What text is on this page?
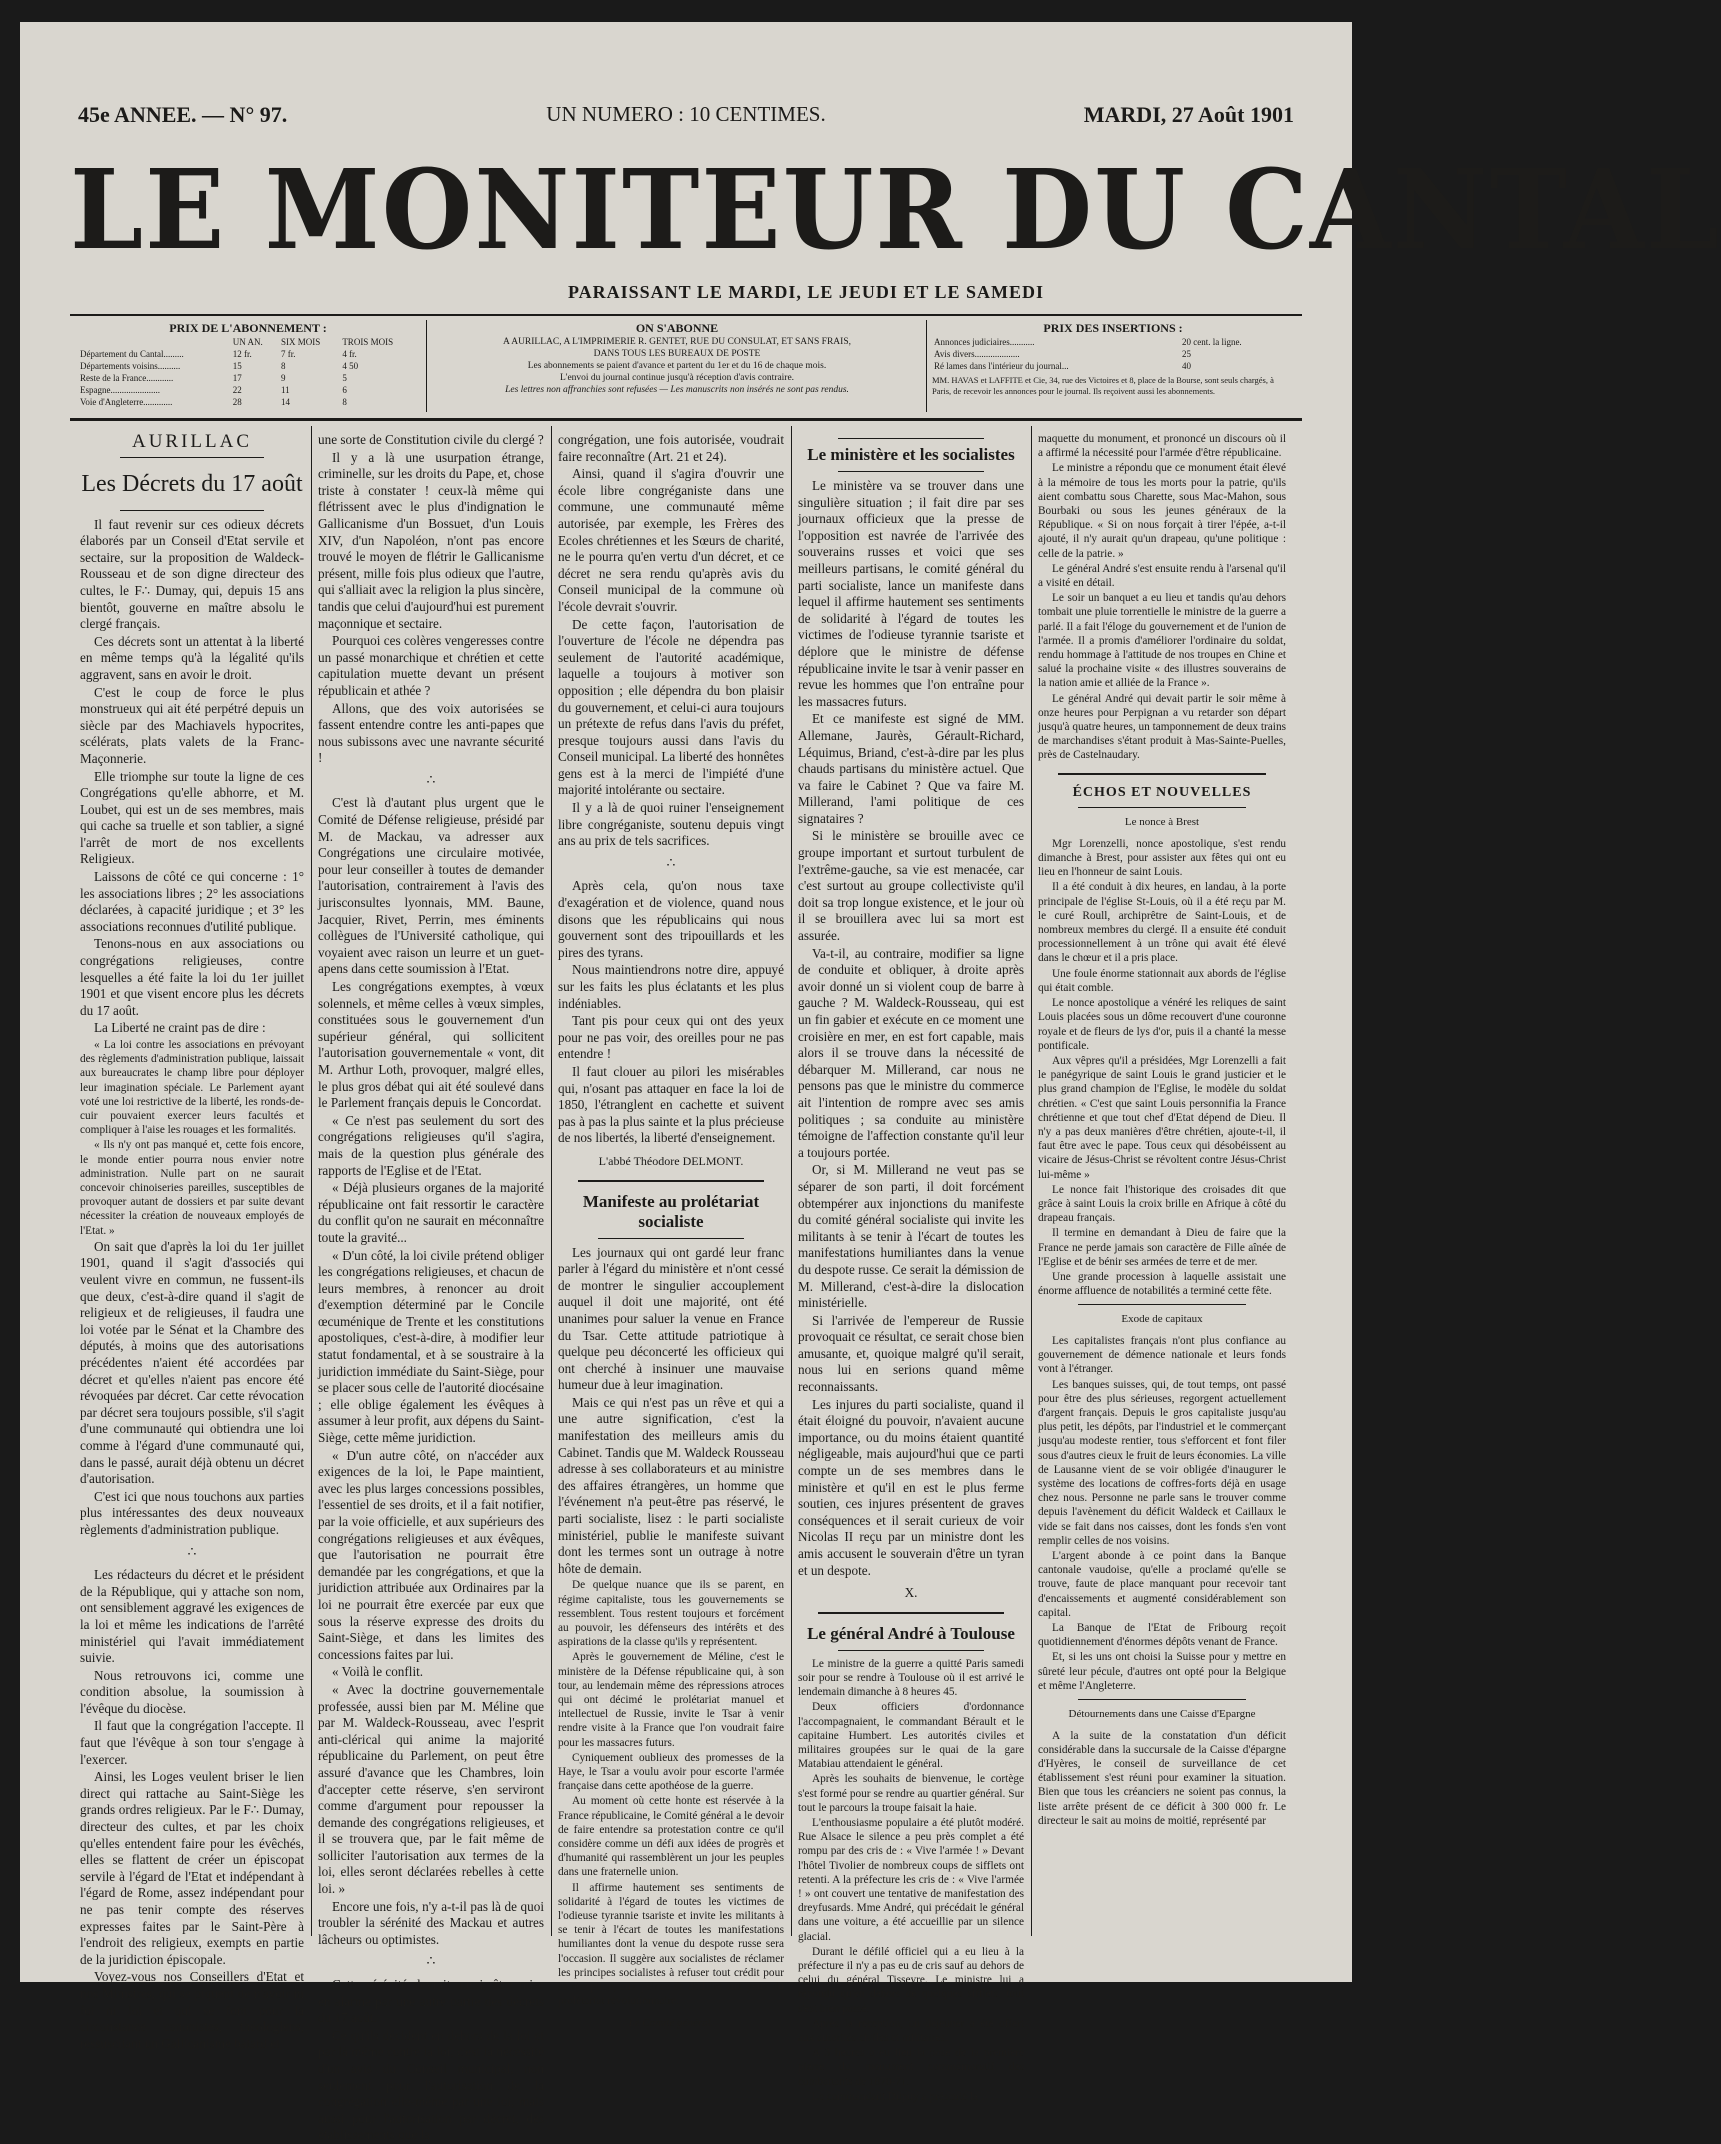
45e ANNEE. — N° 97.	UN NUMERO : 10 CENTIMES.	MARDI, 27 Août 1901
LE MONITEUR DU CANTAL
PARAISSANT LE MARDI, LE JEUDI ET LE SAMEDI
PRIX DE L'ABONNEMENT :
	UN AN.	SIX MOIS	TROIS MOIS
Département du Cantal.........	12 fr.	7 fr.	4 fr.
Départements voisins..........	15	8	4 50
Reste de la France............	17	9	5
Espagne......................	22	11	6
Voie d'Angleterre.............	28	14	8
ON S'ABONNE
A AURILLAC, A L'IMPRIMERIE R. GENTET, RUE DU CONSULAT, ET SANS FRAIS,
DANS TOUS LES BUREAUX DE POSTE
Les abonnements se paient d'avance et partent du 1er et du 16 de chaque mois.
L'envoi du journal continue jusqu'à réception d'avis contraire.
Les lettres non affranchies sont refusées — Les manuscrits non insérés ne sont pas rendus.
PRIX DES INSERTIONS :
Annonces judiciaires...........	20 cent. la ligne.
Avis divers....................	25
Ré lames dans l'intérieur du journal...	40
MM. HAVAS et LAFFITE et Cie, 34, rue des Victoires et 8, place de la Bourse, sont seuls chargés, à Paris, de recevoir les annonces pour le journal. Ils reçoivent aussi les abonnements.
AURILLAC
Les Décrets du 17 août

Il faut revenir sur ces odieux décrets élaborés par un Conseil d'Etat servile et sectaire, sur la proposition de Waldeck-Rousseau et de son digne directeur des cultes, le F∴ Dumay, qui, depuis 15 ans bientôt, gouverne en maître absolu le clergé français.

Ces décrets sont un attentat à la liberté en même temps qu'à la légalité qu'ils aggravent, sans en avoir le droit.

C'est le coup de force le plus monstrueux qui ait été perpétré depuis un siècle par des Machiavels hypocrites, scélérats, plats valets de la Franc-Maçonnerie.

Elle triomphe sur toute la ligne de ces Congrégations qu'elle abhorre, et M. Loubet, qui est un de ses membres, mais qui cache sa truelle et son tablier, a signé l'arrêt de mort de nos excellents Religieux.

Laissons de côté ce qui concerne : 1° les associations libres ; 2° les associations déclarées, à capacité juridique ; et 3° les associations reconnues d'utilité publique.

Tenons-nous en aux associations ou congrégations religieuses, contre lesquelles a été faite la loi du 1er juillet 1901 et que visent encore plus les décrets du 17 août.

La Liberté ne craint pas de dire :

« La loi contre les associations en prévoyant des règlements d'administration publique, laissait aux bureaucrates le champ libre pour déployer leur imagination spéciale. Le Parlement ayant voté une loi restrictive de la liberté, les ronds-de-cuir pouvaient exercer leurs facultés et compliquer à l'aise les rouages et les formalités.

« Ils n'y ont pas manqué et, cette fois encore, le monde entier pourra nous envier notre administration. Nulle part on ne saurait concevoir chinoiseries pareilles, susceptibles de provoquer autant de dossiers et par suite devant nécessiter la création de nouveaux employés de l'Etat. »

On sait que d'après la loi du 1er juillet 1901, quand il s'agit d'associés qui veulent vivre en commun, ne fussent-ils que deux, c'est-à-dire quand il s'agit de religieux et de religieuses, il faudra une loi votée par le Sénat et la Chambre des députés, à moins que des autorisations précédentes n'aient été accordées par décret et qu'elles n'aient pas encore été révoquées par décret. Car cette révocation par décret sera toujours possible, s'il s'agit d'une communauté qui obtiendra une loi comme à l'égard d'une communauté qui, dans le passé, aurait déjà obtenu un décret d'autorisation.

C'est ici que nous touchons aux parties plus intéressantes des deux nouveaux règlements d'administration publique.

∴

Les rédacteurs du décret et le président de la République, qui y attache son nom, ont sensiblement aggravé les exigences de la loi et même les indications de l'arrêté ministériel qui l'avait immédiatement suivie.

Nous retrouvons ici, comme une condition absolue, la soumission à l'évêque du diocèse.

Il faut que la congrégation l'accepte. Il faut que l'évêque à son tour s'engage à l'exercer.

Ainsi, les Loges veulent briser le lien direct qui rattache au Saint-Siège les grands ordres religieux. Par le F∴ Dumay, directeur des cultes, et par les choix qu'elles entendent faire pour les évêchés, elles se flattent de créer un épiscopat servile à l'égard de l'Etat et indépendant à l'égard de Rome, assez indépendant pour ne pas tenir compte des réserves expresses faites par le Saint-Père à l'endroit des religieux, exempts en partie de la juridiction épiscopale.

Voyez-vous nos Conseillers d'Etat et nos Ministres, qui se piquent de n'avoir ni foi ni loi et qui se font pour la circonstance canonistes, théologiens, ressuscitant un Gallicanisme bâtard et

une sorte de Constitution civile du clergé ?

Il y a là une usurpation étrange, criminelle, sur les droits du Pape, et, chose triste à constater ! ceux-là même qui flétrissent avec le plus d'indignation le Gallicanisme d'un Bossuet, d'un Louis XIV, d'un Napoléon, n'ont pas encore trouvé le moyen de flétrir le Gallicanisme présent, mille fois plus odieux que l'autre, qui s'alliait avec la religion la plus sincère, tandis que celui d'aujourd'hui est purement maçonnique et sectaire.

Pourquoi ces colères vengeresses contre un passé monarchique et chrétien et cette capitulation muette devant un présent républicain et athée ?

Allons, que des voix autorisées se fassent entendre contre les anti-papes que nous subissons avec une navrante sécurité !

∴

C'est là d'autant plus urgent que le Comité de Défense religieuse, présidé par M. de Mackau, va adresser aux Congrégations une circulaire motivée, pour leur conseiller à toutes de demander l'autorisation, contrairement à l'avis des jurisconsultes lyonnais, MM. Baune, Jacquier, Rivet, Perrin, mes éminents collègues de l'Université catholique, qui voyaient avec raison un leurre et un guet-apens dans cette soumission à l'Etat.

Les congrégations exemptes, à vœux solennels, et même celles à vœux simples, constituées sous le gouvernement d'un supérieur général, qui sollicitent l'autorisation gouvernementale « vont, dit M. Arthur Loth, provoquer, malgré elles, le plus gros débat qui ait été soulevé dans le Parlement français depuis le Concordat.

« Ce n'est pas seulement du sort des congrégations religieuses qu'il s'agira, mais de la question plus générale des rapports de l'Eglise et de l'Etat.

« Déjà plusieurs organes de la majorité républicaine ont fait ressortir le caractère du conflit qu'on ne saurait en méconnaître toute la gravité...

« D'un côté, la loi civile prétend obliger les congrégations religieuses, et chacun de leurs membres, à renoncer au droit d'exemption déterminé par le Concile œcuménique de Trente et les constitutions apostoliques, c'est-à-dire, à modifier leur statut fondamental, et à se soustraire à la juridiction immédiate du Saint-Siège, pour se placer sous celle de l'autorité diocésaine ; elle oblige également les évêques à assumer à leur profit, aux dépens du Saint-Siège, cette même juridiction.

« D'un autre côté, on n'accéder aux exigences de la loi, le Pape maintient, avec les plus larges concessions possibles, l'essentiel de ses droits, et il a fait notifier, par la voie officielle, et aux supérieurs des congrégations religieuses et aux évêques, que l'autorisation ne pourrait être demandée par les congrégations, et que la juridiction attribuée aux Ordinaires par la loi ne pourrait être exercée par eux que sous la réserve expresse des droits du Saint-Siège, et dans les limites des concessions faites par lui.

« Voilà le conflit.

« Avec la doctrine gouvernementale professée, aussi bien par M. Méline que par M. Waldeck-Rousseau, avec l'esprit anti-clérical qui anime la majorité républicaine du Parlement, on peut être assuré d'avance que les Chambres, loin d'accepter cette réserve, s'en serviront comme d'argument pour repousser la demande des congrégations religieuses, et il se trouvera que, par le fait même de solliciter l'autorisation aux termes de la loi, elles seront déclarées rebelles à cette loi. »

Encore une fois, n'y a-t-il pas là de quoi troubler la sérénité des Mackau et autres lâcheurs ou optimistes.

∴

Cette sérénité devrait aussi, être mise en alarme par une autre partie des décrets du 17 août.

Ce qu'ils décident en dehors de la loi et par là même contre la loi, c'est la nécessité d'un avis du Conseil municipal, non seulement pour l'autorisation de la congrégation elle-même par une loi, mais aussi pour l'autorisation par décret, des établissements que la

congrégation, une fois autorisée, voudrait faire reconnaître (Art. 21 et 24).

Ainsi, quand il s'agira d'ouvrir une école libre congréganiste dans une commune, une communauté même autorisée, par exemple, les Frères des Ecoles chrétiennes et les Sœurs de charité, ne le pourra qu'en vertu d'un décret, et ce décret ne sera rendu qu'après avis du Conseil municipal de la commune où l'école devrait s'ouvrir.

De cette façon, l'autorisation de l'ouverture de l'école ne dépendra pas seulement de l'autorité académique, laquelle a toujours à motiver son opposition ; elle dépendra du bon plaisir du gouvernement, et celui-ci aura toujours un prétexte de refus dans l'avis du préfet, presque toujours aussi dans l'avis du Conseil municipal. La liberté des honnêtes gens est à la merci de l'impiété d'une majorité intolérante ou sectaire.

Il y a là de quoi ruiner l'enseignement libre congréganiste, soutenu depuis vingt ans au prix de tels sacrifices.

∴

Après cela, qu'on nous taxe d'exagération et de violence, quand nous disons que les républicains qui nous gouvernent sont des tripouillards et les pires des tyrans.

Nous maintiendrons notre dire, appuyé sur les faits les plus éclatants et les plus indéniables.

Tant pis pour ceux qui ont des yeux pour ne pas voir, des oreilles pour ne pas entendre !

Il faut clouer au pilori les misérables qui, n'osant pas attaquer en face la loi de 1850, l'étranglent en cachette et suivent pas à pas la plus sainte et la plus précieuse de nos libertés, la liberté d'enseignement.

L'abbé Théodore DELMONT.
Manifeste au prolétariat socialiste

Les journaux qui ont gardé leur franc parler à l'égard du ministère et n'ont cessé de montrer le singulier accouplement auquel il doit une majorité, ont été unanimes pour saluer la venue en France du Tsar. Cette attitude patriotique à quelque peu déconcerté les officieux qui ont cherché à insinuer une mauvaise humeur due à leur imagination.

Mais ce qui n'est pas un rêve et qui a une autre signification, c'est la manifestation des meilleurs amis du Cabinet. Tandis que M. Waldeck Rousseau adresse à ses collaborateurs et au ministre des affaires étrangères, un homme que l'événement n'a peut-être pas réservé, le parti socialiste, lisez : le parti socialiste ministériel, publie le manifeste suivant dont les termes sont un outrage à notre hôte de demain.

De quelque nuance que ils se parent, en régime capitaliste, tous les gouvernements se ressemblent. Tous restent toujours et forcément au pouvoir, les défenseurs des intérêts et des aspirations de la classe qu'ils y représentent.

Après le gouvernement de Méline, c'est le ministère de la Défense républicaine qui, à son tour, au lendemain même des répressions atroces qui ont décimé le prolétariat manuel et intellectuel de Russie, invite le Tsar à venir rendre visite à la France que l'on voudrait faire pour les massacres futurs.

Cyniquement oublieux des promesses de la Haye, le Tsar a voulu avoir pour escorte l'armée française dans cette apothéose de la guerre.

Au moment où cette honte est réservée à la France républicaine, le Comité général a le devoir de faire entendre sa protestation contre ce qu'il considère comme un défi aux idées de progrès et d'humanité qui rassemblèrent un jour les peuples dans une fraternelle union.

Il affirme hautement ses sentiments de solidarité à l'égard de toutes les victimes de l'odieuse tyrannie tsariste et invite les militants à se tenir à l'écart de toutes les manifestations humiliantes dont la venue du despote russe sera l'occasion. Il suggère aux socialistes de réclamer les principes socialistes à refuser tout crédit pour sa réception, aux peines de déduire aux yeux du prolétariat révolutionnaire.

Le Comité général.
Le ministère et les socialistes

Le ministère va se trouver dans une singulière situation ; il fait dire par ses journaux officieux que la presse de l'opposition est navrée de l'arrivée des souverains russes et voici que ses meilleurs partisans, le comité général du parti socialiste, lance un manifeste dans lequel il affirme hautement ses sentiments de solidarité à l'égard de toutes les victimes de l'odieuse tyrannie tsariste et déplore que le ministre de défense républicaine invite le tsar à venir passer en revue les hommes que l'on entraîne pour les massacres futurs.

Et ce manifeste est signé de MM. Allemane, Jaurès, Gérault-Richard, Léquimus, Briand, c'est-à-dire par les plus chauds partisans du ministère actuel. Que va faire le Cabinet ? Que va faire M. Millerand, l'ami politique de ces signataires ?

Si le ministère se brouille avec ce groupe important et surtout turbulent de l'extrême-gauche, sa vie est menacée, car c'est surtout au groupe collectiviste qu'il doit sa trop longue existence, et le jour où il se brouillera avec lui sa mort est assurée.

Va-t-il, au contraire, modifier sa ligne de conduite et obliquer, à droite après avoir donné un si violent coup de barre à gauche ? M. Waldeck-Rousseau, qui est un fin gabier et exécute en ce moment une croisière en mer, en est fort capable, mais alors il se trouve dans la nécessité de débarquer M. Millerand, car nous ne pensons pas que le ministre du commerce ait l'intention de rompre avec ses amis politiques ; sa conduite au ministère témoigne de l'affection constante qu'il leur a toujours portée.

Or, si M. Millerand ne veut pas se séparer de son parti, il doit forcément obtempérer aux injonctions du manifeste du comité général socialiste qui invite les militants à se tenir à l'écart de toutes les manifestations humiliantes dans la venue du despote russe. Ce serait la démission de M. Millerand, c'est-à-dire la dislocation ministérielle.

Si l'arrivée de l'empereur de Russie provoquait ce résultat, ce serait chose bien amusante, et, quoique malgré qu'il serait, nous lui en serions quand même reconnaissants.

Les injures du parti socialiste, quand il était éloigné du pouvoir, n'avaient aucune importance, ou du moins étaient quantité négligeable, mais aujourd'hui que ce parti compte un de ses membres dans le ministère et qu'il en est le plus ferme soutien, ces injures présentent de graves conséquences et il serait curieux de voir Nicolas II reçu par un ministre dont les amis accusent le souverain d'être un tyran et un despote.

X.
Le général André à Toulouse

Le ministre de la guerre a quitté Paris samedi soir pour se rendre à Toulouse où il est arrivé le lendemain dimanche à 8 heures 45.

Deux officiers d'ordonnance l'accompagnaient, le commandant Bérault et le capitaine Humbert. Les autorités civiles et militaires groupées sur le quai de la gare Matabiau attendaient le général.

Après les souhaits de bienvenue, le cortège s'est formé pour se rendre au quartier général. Sur tout le parcours la troupe faisait la haie.

L'enthousiasme populaire a été plutôt modéré. Rue Alsace le silence a peu près complet a été rompu par des cris de : « Vive l'armée ! » Devant l'hôtel Tivolier de nombreux coups de sifflets ont retenti. A la préfecture les cris de : « Vive l'armée ! » ont couvert une tentative de manifestation des dreyfusards. Mme André, qui précédait le général dans une voiture, a été accueillie par un silence glacial.

Durant le défilé officiel qui a eu lieu à la préfecture il n'y a pas eu de cris sauf au dehors de celui du général Tisseyre. Le ministre lui a répondu qu'en dehors de quelques sifflets, tout s'est bien passé.

Après la réception, un déjeuner a été offert aux autorités civiles et militaires.

A 3 heures a eu lieu la pose de la première pierre du monument commémoratif des combattants de 1870-71.

Le commandant Dupuy a présenté la

maquette du monument, et prononcé un discours où il a affirmé la nécessité pour l'armée d'être républicaine.

Le ministre a répondu que ce monument était élevé à la mémoire de tous les morts pour la patrie, qu'ils aient combattu sous Charette, sous Mac-Mahon, sous Bourbaki ou sous les jeunes généraux de la République. « Si on nous forçait à tirer l'épée, a-t-il ajouté, il n'y aurait qu'un drapeau, qu'une politique : celle de la patrie. »

Le général André s'est ensuite rendu à l'arsenal qu'il a visité en détail.

Le soir un banquet a eu lieu et tandis qu'au dehors tombait une pluie torrentielle le ministre de la guerre a parlé. Il a fait l'éloge du gouvernement et de l'union de l'armée. Il a promis d'améliorer l'ordinaire du soldat, rendu hommage à l'attitude de nos troupes en Chine et salué la prochaine visite « des illustres souverains de la nation amie et alliée de la France ».

Le général André qui devait partir le soir même à onze heures pour Perpignan a vu retarder son départ jusqu'à quatre heures, un tamponnement de deux trains de marchandises s'étant produit à Mas-Sainte-Puelles, près de Castelnaudary.

ÉCHOS ET NOUVELLES
Le nonce à Brest

Mgr Lorenzelli, nonce apostolique, s'est rendu dimanche à Brest, pour assister aux fêtes qui ont eu lieu en l'honneur de saint Louis.

Il a été conduit à dix heures, en landau, à la porte principale de l'église St-Louis, où il a été reçu par M. le curé Roull, archiprêtre de Saint-Louis, et de nombreux membres du clergé. Il a ensuite été conduit processionnellement à un trône qui avait été élevé dans le chœur et il a pris place.

Une foule énorme stationnait aux abords de l'église qui était comble.

Le nonce apostolique a vénéré les reliques de saint Louis placées sous un dôme recouvert d'une couronne royale et de fleurs de lys d'or, puis il a chanté la messe pontificale.

Aux vêpres qu'il a présidées, Mgr Lorenzelli a fait le panégyrique de saint Louis le grand justicier et le plus grand champion de l'Eglise, le modèle du soldat chrétien. « C'est que saint Louis personnifia la France chrétienne et que tout chef d'Etat dépend de Dieu. Il n'y a pas deux manières d'être chrétien, ajoute-t-il, il faut être avec le pape. Tous ceux qui désobéissent au vicaire de Jésus-Christ se révoltent contre Jésus-Christ lui-même »

Le nonce fait l'historique des croisades dit que grâce à saint Louis la croix brille en Afrique à côté du drapeau français.

Il termine en demandant à Dieu de faire que la France ne perde jamais son caractère de Fille aînée de l'Eglise et de bénir ses armées de terre et de mer.

Une grande procession à laquelle assistait une énorme affluence de notabilités a terminé cette fête.

Exode de capitaux

Les capitalistes français n'ont plus confiance au gouvernement de démence nationale et leurs fonds vont à l'étranger.

Les banques suisses, qui, de tout temps, ont passé pour être des plus sérieuses, regorgent actuellement d'argent français. Depuis le gros capitaliste jusqu'au plus petit, les dépôts, par l'industriel et le commerçant jusqu'au modeste rentier, tous s'efforcent et font filer sous d'autres cieux le fruit de leurs économies. La ville de Lausanne vient de se voir obligée d'inaugurer le système des locations de coffres-forts déjà en usage chez nous. Personne ne parle sans le trouver comme depuis l'avènement du déficit Waldeck et Caillaux le vide se fait dans nos caisses, dont les fonds s'en vont remplir celles de nos voisins.

L'argent abonde à ce point dans la Banque cantonale vaudoise, qu'elle a proclamé qu'elle se trouve, faute de place manquant pour recevoir tant d'encaissements et augmenté considérablement son capital.

La Banque de l'Etat de Fribourg reçoit quotidiennement d'énormes dépôts venant de France.

Et, si les uns ont choisi la Suisse pour y mettre en sûreté leur pécule, d'autres ont opté pour la Belgique et même l'Angleterre.

Détournements dans une Caisse d'Epargne

A la suite de la constatation d'un déficit considérable dans la succursale de la Caisse d'épargne d'Hyères, le conseil de surveillance de cet établissement s'est réuni pour examiner la situation. Bien que tous les créanciers ne soient pas connus, la liste arrête présent de ce déficit à 300 000 fr. Le directeur le sait au moins de moitié, représenté par
